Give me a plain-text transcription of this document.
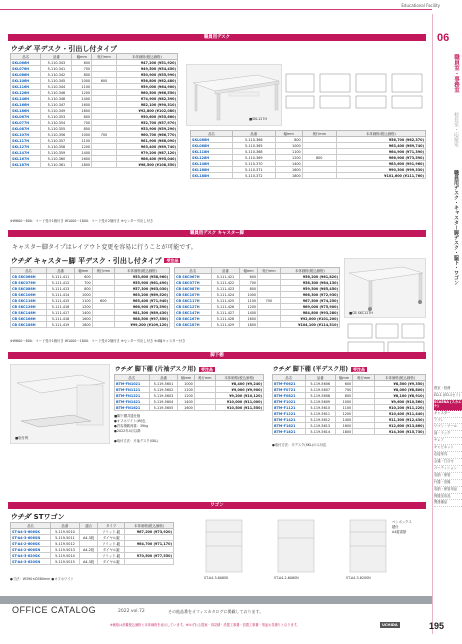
Educational Facility
06
職員室・事務室
校長室・応接室
職員用デスク・キャスター脚デスク・脇下・ワゴン
教室・校務
ED-1 (ED-1セミ)
SCAENA (スカエナ)
キャスター
アブレ
ワゴン・ツール
袖・ラック
チェア
キャビネット
応接家具
会議・打合せ
パーティション
収納・保管
什器・設備
収納・保管用品
保健室用品
関連備品
職員用デスク
ウチダ 平デスク・引出し付タイプ
品名	品番	幅mm	奥行mm	本体価格(税込価格)
SKL066H	5-110-343	600		¥47,200 (¥51,920)
SKL076H	5-110-341	700		¥49,500 (¥54,450)
SKL086H	5-110-342	800		¥50,900 (¥55,990)
SKL106H	5-110-345	1000	600	¥56,800 (¥62,480)
SKL116H	5-110-344	1100		¥59,000 (¥64,900)
SKL126H	5-110-346	1200		¥60,500 (¥66,550)
SKL146H	5-110-348	1400		¥74,900 (¥82,390)
SKL166H	5-110-347	1600		¥82,100 (¥90,310)
SKL186H	5-110-349	1800		¥92,800 (¥102,080)
SKL067H	5-110-353	600		¥50,600 (¥55,660)
SKL077H	5-110-354	700		¥52,700 (¥57,970)
SKL087H	5-110-355	800		¥53,900 (¥59,290)
SKL107H	5-110-356	1000	700	¥60,700 (¥66,770)
SKL117H	5-110-357	1100		¥61,900 (¥68,090)
SKL127H	5-110-358	1200		¥63,400 (¥69,740)
SKL147H	5-110-359	1400		¥79,200 (¥87,120)
SKL167H	5-110-360	1600		¥86,400 (¥95,040)
SKL187H	5-110-361	1800		¥98,500 (¥108,350)
■SKL127H
品名	品番	幅mm	奥行mm	本体価格(税込価格)
SKL068H	5-110-366	800		¥56,700 (¥62,370)
SKL088H	5-110-365	1000		¥63,400 (¥69,740)
SKL118H	5-110-368	1100		¥64,900 (¥71,390)
SKL128H	5-110-369	1200	800	¥66,900 (¥73,590)
SKL148H	5-110-370	1400		¥83,600 (¥91,960)
SKL168H	5-110-371	1600		¥90,300 (¥99,330)
SKL188H	5-110-372	1800		¥101,600 (¥111,760)
※W600～800：コード受け1個付き W1000～1800：コード受け2個付き ※センター引出し付き
職員用デスク キャスター脚
キャスター脚タイプはレイアウト変更を容易に行うことが可能です。
ウチダ キャスター脚 平デスク・引出し付タイプ 受注品
品名	品番	幅mm	奥行mm	本体価格(税込価格)
CB SKC066H	5-111-411	600		¥53,600 (¥58,960)
CB SKC076H	5-111-412	700		¥55,900 (¥61,490)
CB SKC086H	5-111-413	800		¥57,300 (¥63,030)
CB SKC106H	5-111-414	1000		¥63,200 (¥69,520)
CB SKC116H	5-111-415	1100	600	¥65,400 (¥71,940)
CB SKC126H	5-111-416	1200		¥66,900 (¥73,590)
CB SKC146H	5-111-417	1400		¥81,300 (¥89,430)
CB SKC166H	5-111-418	1600		¥88,500 (¥97,350)
CB SKC186H	5-111-419	1800		¥99,200 (¥109,120)
品名	品番	幅mm	奥行mm	本体価格(税込価格)
CB SKC067H	5-111-421	600		¥56,200 (¥61,820)
CB SKC077H	5-111-422	700		¥58,300 (¥64,130)
CB SKC087H	5-111-423	800		¥59,500 (¥65,450)
CB SKC107H	5-111-424	1000		¥66,300 (¥72,930)
CB SKC117H	5-111-425	1100	700	¥67,500 (¥74,250)
CB SKC127H	5-111-426	1200		¥69,000 (¥75,900)
CB SKC147H	5-111-427	1400		¥84,800 (¥93,280)
CB SKC167H	5-111-428	1600		¥92,000 (¥101,200)
CB SKC187H	5-111-429	1800		¥104,100 (¥114,510)
■CB SKC127H
※W600～800：コード受け1個付き W1000～1800：コード受け2個付き ※センター引出し付き ※4輪キャスター付き
脚下棚
■取付例
ウチダ 脚下棚 (片袖デスク用) 受注品
品名	品番	幅mm	奥行mm	本体価格(税込価格)
BTM-FN1021	5-119-5601	1000		¥8,400 (¥9,240)
BTM-FN1121	5-119-5602	1100		¥9,000 (¥9,900)
BTM-FN1221	5-119-5603	1200		¥9,200 (¥10,120)
BTM-FN1421	5-119-5604	1400		¥10,000 (¥11,000)
BTM-FN1621	5-119-5605	1600		¥10,500 (¥11,550)
■脚下棚共通仕様
●オフホワイト(W)色
●許容積載荷重：39kg
●2022年4月以降
●取付方法：片袖デスク(SKL)
ウチダ 脚下棚 (平デスク用) 受注品
品名	品番	幅mm	奥行mm	本体価格(税込価格)
BTM-F0621	5-119-5606	600		¥8,500 (¥9,350)
BTM-F0721	5-119-5607	700		¥8,000 (¥8,800)
BTM-F0821	5-119-5608	800		¥8,100 (¥8,910)
BTM-F1021	5-119-5609	1000		¥9,600 (¥10,560)
BTM-F1121	5-119-5610	1100		¥10,200 (¥11,220)
BTM-F1221	5-119-5611	1200		¥10,400 (¥11,440)
BTM-F1421	5-119-5612	1400		¥11,300 (¥12,430)
BTM-F1621	5-119-5613	1600		¥12,600 (¥13,860)
BTM-F1821	5-119-5614	1800		¥14,300 (¥15,730)
●取付方法：平デスク(SKL)のみ対応
ワゴン
ウチダ STワゴン
品名	品番	適合	タイプ	本体価格(税込価格)
ST-A4-3-606SK	5-119-5010		ソリッド-錠	¥67,200 (¥73,920)
ST-A4-3-606SN	5-119-5011	A4-3段	ダイヤル錠	
ST-A4-2-606SK	5-119-5012		ソリッド-錠	¥64,700 (¥71,170)
ST-A4-2-606SN	5-119-5013	A4-2段	ダイヤル錠	
ST-A4-3-620SK	5-119-5014		ソリッド-錠	¥70,500 (¥77,550)
ST-A4-3-620SN	5-119-5015	A4-3段	ダイヤル錠	
●寸法：W390×D580mm ●オフホワイト	ST-A4-3-606SK	ST-A4-2-606SN	ST-A4-3-620SN
ペンボックス
鍵付
A4縦書類
OFFICE CATALOG	2022 vol.72	その他品番をオフィスカタログに掲載しております。
※価格は消費税込価格と本体価格を表示しています。※ゆずれる提案・再見積・設置工事費・設置工事費・別途お見積りとなります。	UCHIDA	195
